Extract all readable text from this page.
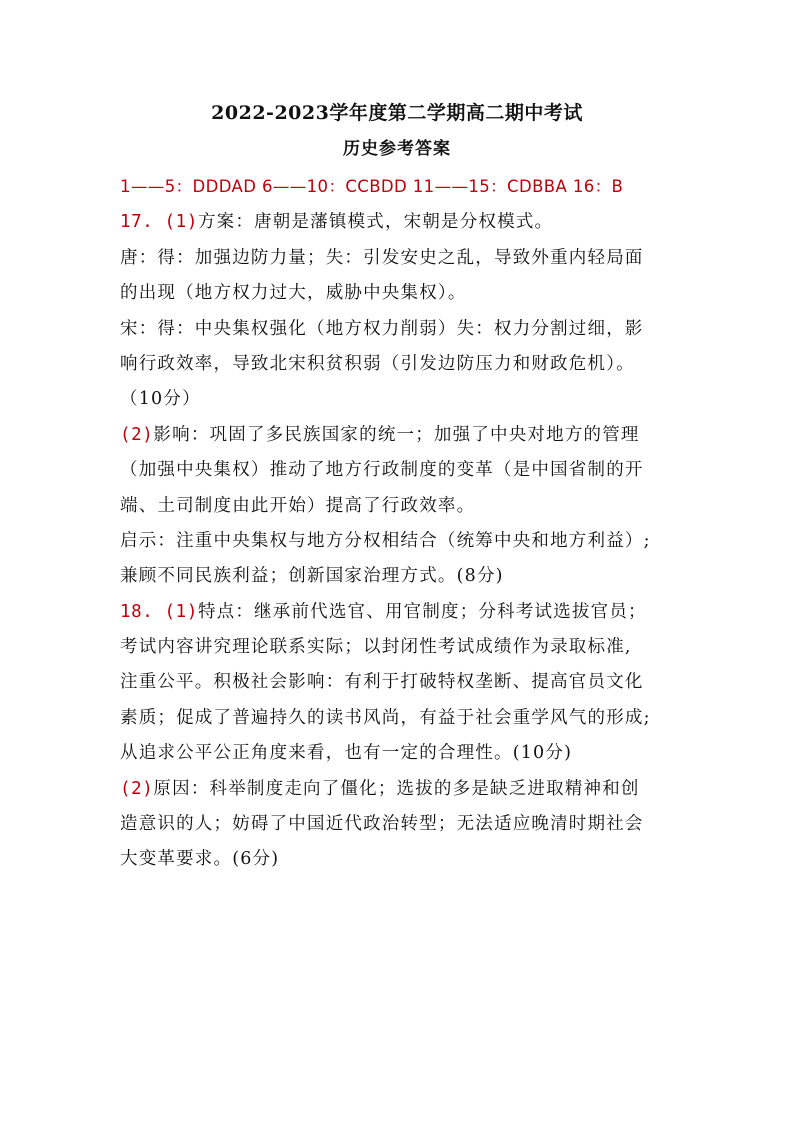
2022-2023学年度第二学期高二期中考试
历史参考答案
1——5：DDDAD 6——10：CCBDD 11——15：CDBBA 16：B
17. (1)方案：唐朝是藩镇模式，宋朝是分权模式。
唐：得：加强边防力量；失：引发安史之乱，导致外重内轻局面
的出现（地方权力过大，威胁中央集权）。
宋：得：中央集权强化（地方权力削弱）失：权力分割过细，影
响行政效率，导致北宋积贫积弱（引发边防压力和财政危机）。
（10分）
(2)影响：巩固了多民族国家的统一；加强了中央对地方的管理
（加强中央集权）推动了地方行政制度的变革（是中国省制的开
端、土司制度由此开始）提高了行政效率。
启示：注重中央集权与地方分权相结合（统筹中央和地方利益）;
兼顾不同民族利益；创新国家治理方式。(8分)
18. (1)特点：继承前代选官、用官制度；分科考试选拔官员；
考试内容讲究理论联系实际；以封闭性考试成绩作为录取标准,
注重公平。积极社会影响：有利于打破特权垄断、提高官员文化
素质；促成了普遍持久的读书风尚，有益于社会重学风气的形成;
从追求公平公正角度来看，也有一定的合理性。(10分)
(2)原因：科举制度走向了僵化；选拔的多是缺乏进取精神和创
造意识的人；妨碍了中国近代政治转型；无法适应晚清时期社会
大变革要求。(6分)
